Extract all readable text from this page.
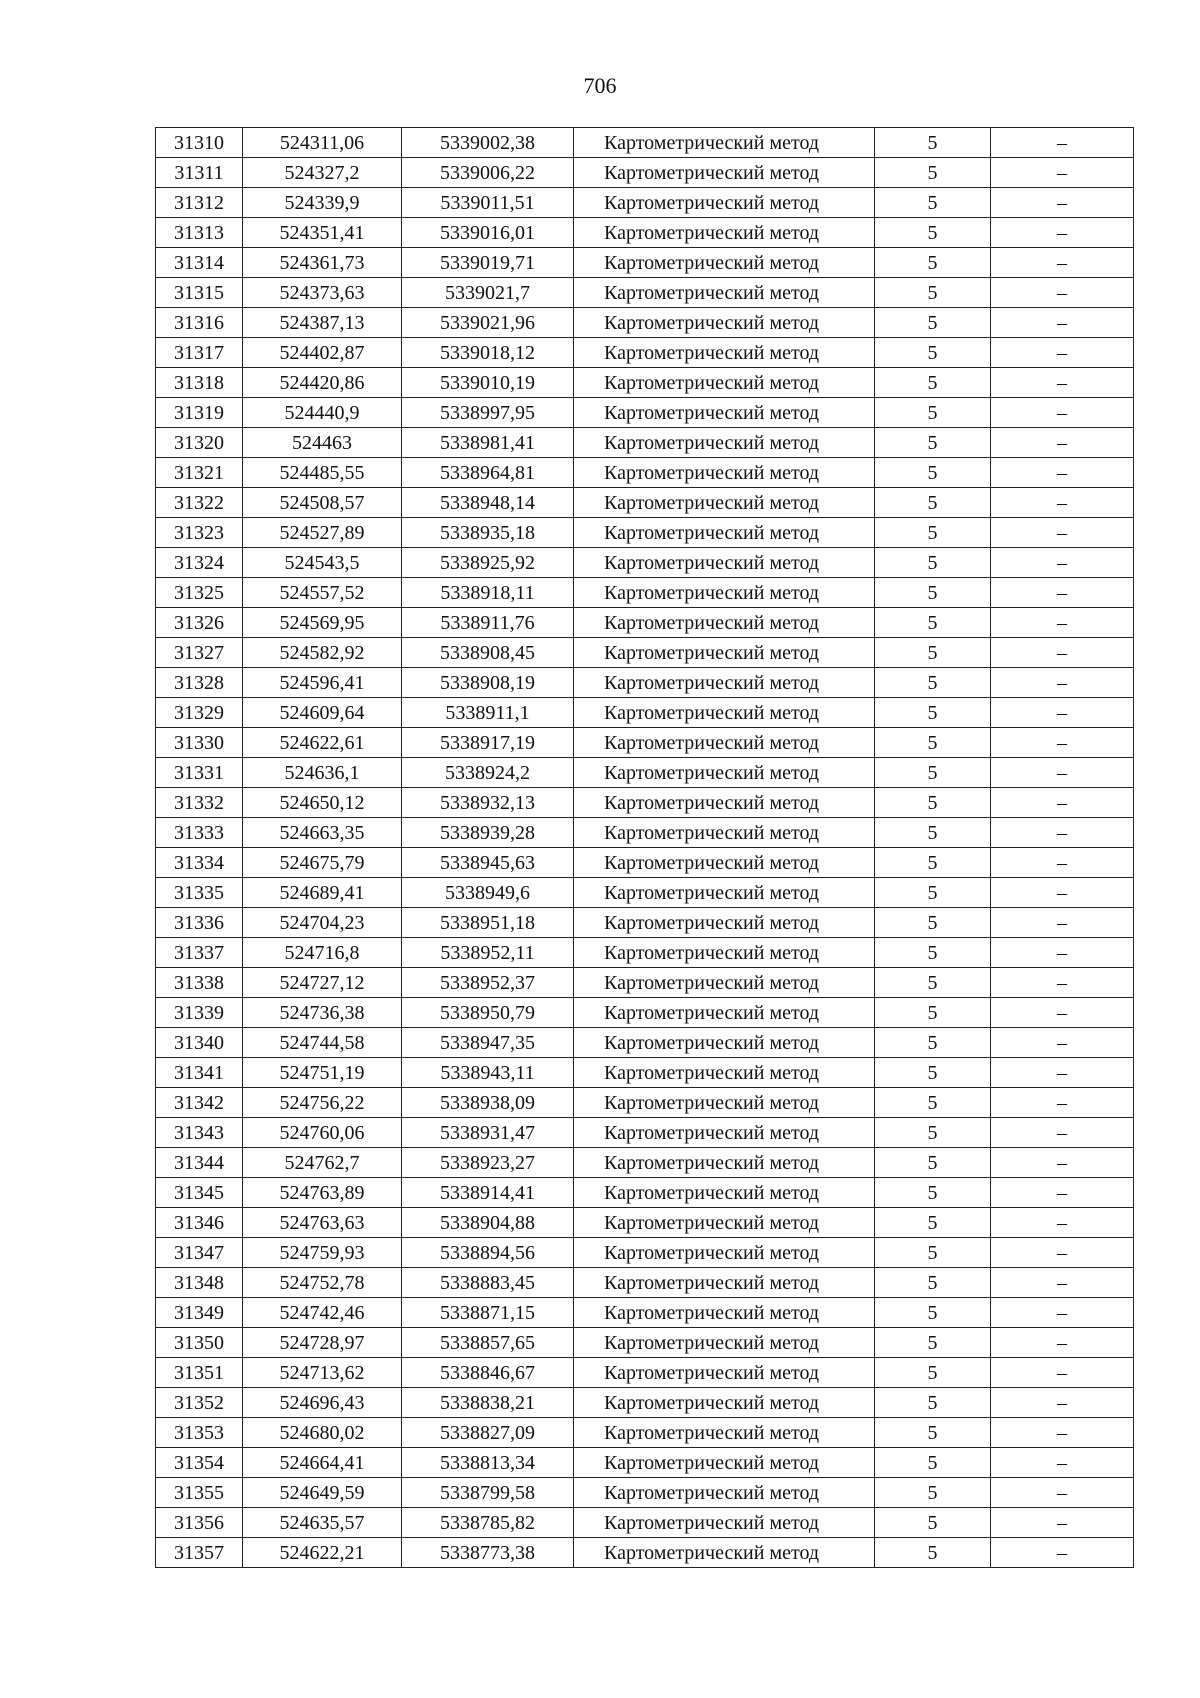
706
31310	524311,06	5339002,38	Картометрический метод	5	–
31311	524327,2	5339006,22	Картометрический метод	5	–
31312	524339,9	5339011,51	Картометрический метод	5	–
31313	524351,41	5339016,01	Картометрический метод	5	–
31314	524361,73	5339019,71	Картометрический метод	5	–
31315	524373,63	5339021,7	Картометрический метод	5	–
31316	524387,13	5339021,96	Картометрический метод	5	–
31317	524402,87	5339018,12	Картометрический метод	5	–
31318	524420,86	5339010,19	Картометрический метод	5	–
31319	524440,9	5338997,95	Картометрический метод	5	–
31320	524463	5338981,41	Картометрический метод	5	–
31321	524485,55	5338964,81	Картометрический метод	5	–
31322	524508,57	5338948,14	Картометрический метод	5	–
31323	524527,89	5338935,18	Картометрический метод	5	–
31324	524543,5	5338925,92	Картометрический метод	5	–
31325	524557,52	5338918,11	Картометрический метод	5	–
31326	524569,95	5338911,76	Картометрический метод	5	–
31327	524582,92	5338908,45	Картометрический метод	5	–
31328	524596,41	5338908,19	Картометрический метод	5	–
31329	524609,64	5338911,1	Картометрический метод	5	–
31330	524622,61	5338917,19	Картометрический метод	5	–
31331	524636,1	5338924,2	Картометрический метод	5	–
31332	524650,12	5338932,13	Картометрический метод	5	–
31333	524663,35	5338939,28	Картометрический метод	5	–
31334	524675,79	5338945,63	Картометрический метод	5	–
31335	524689,41	5338949,6	Картометрический метод	5	–
31336	524704,23	5338951,18	Картометрический метод	5	–
31337	524716,8	5338952,11	Картометрический метод	5	–
31338	524727,12	5338952,37	Картометрический метод	5	–
31339	524736,38	5338950,79	Картометрический метод	5	–
31340	524744,58	5338947,35	Картометрический метод	5	–
31341	524751,19	5338943,11	Картометрический метод	5	–
31342	524756,22	5338938,09	Картометрический метод	5	–
31343	524760,06	5338931,47	Картометрический метод	5	–
31344	524762,7	5338923,27	Картометрический метод	5	–
31345	524763,89	5338914,41	Картометрический метод	5	–
31346	524763,63	5338904,88	Картометрический метод	5	–
31347	524759,93	5338894,56	Картометрический метод	5	–
31348	524752,78	5338883,45	Картометрический метод	5	–
31349	524742,46	5338871,15	Картометрический метод	5	–
31350	524728,97	5338857,65	Картометрический метод	5	–
31351	524713,62	5338846,67	Картометрический метод	5	–
31352	524696,43	5338838,21	Картометрический метод	5	–
31353	524680,02	5338827,09	Картометрический метод	5	–
31354	524664,41	5338813,34	Картометрический метод	5	–
31355	524649,59	5338799,58	Картометрический метод	5	–
31356	524635,57	5338785,82	Картометрический метод	5	–
31357	524622,21	5338773,38	Картометрический метод	5	–
